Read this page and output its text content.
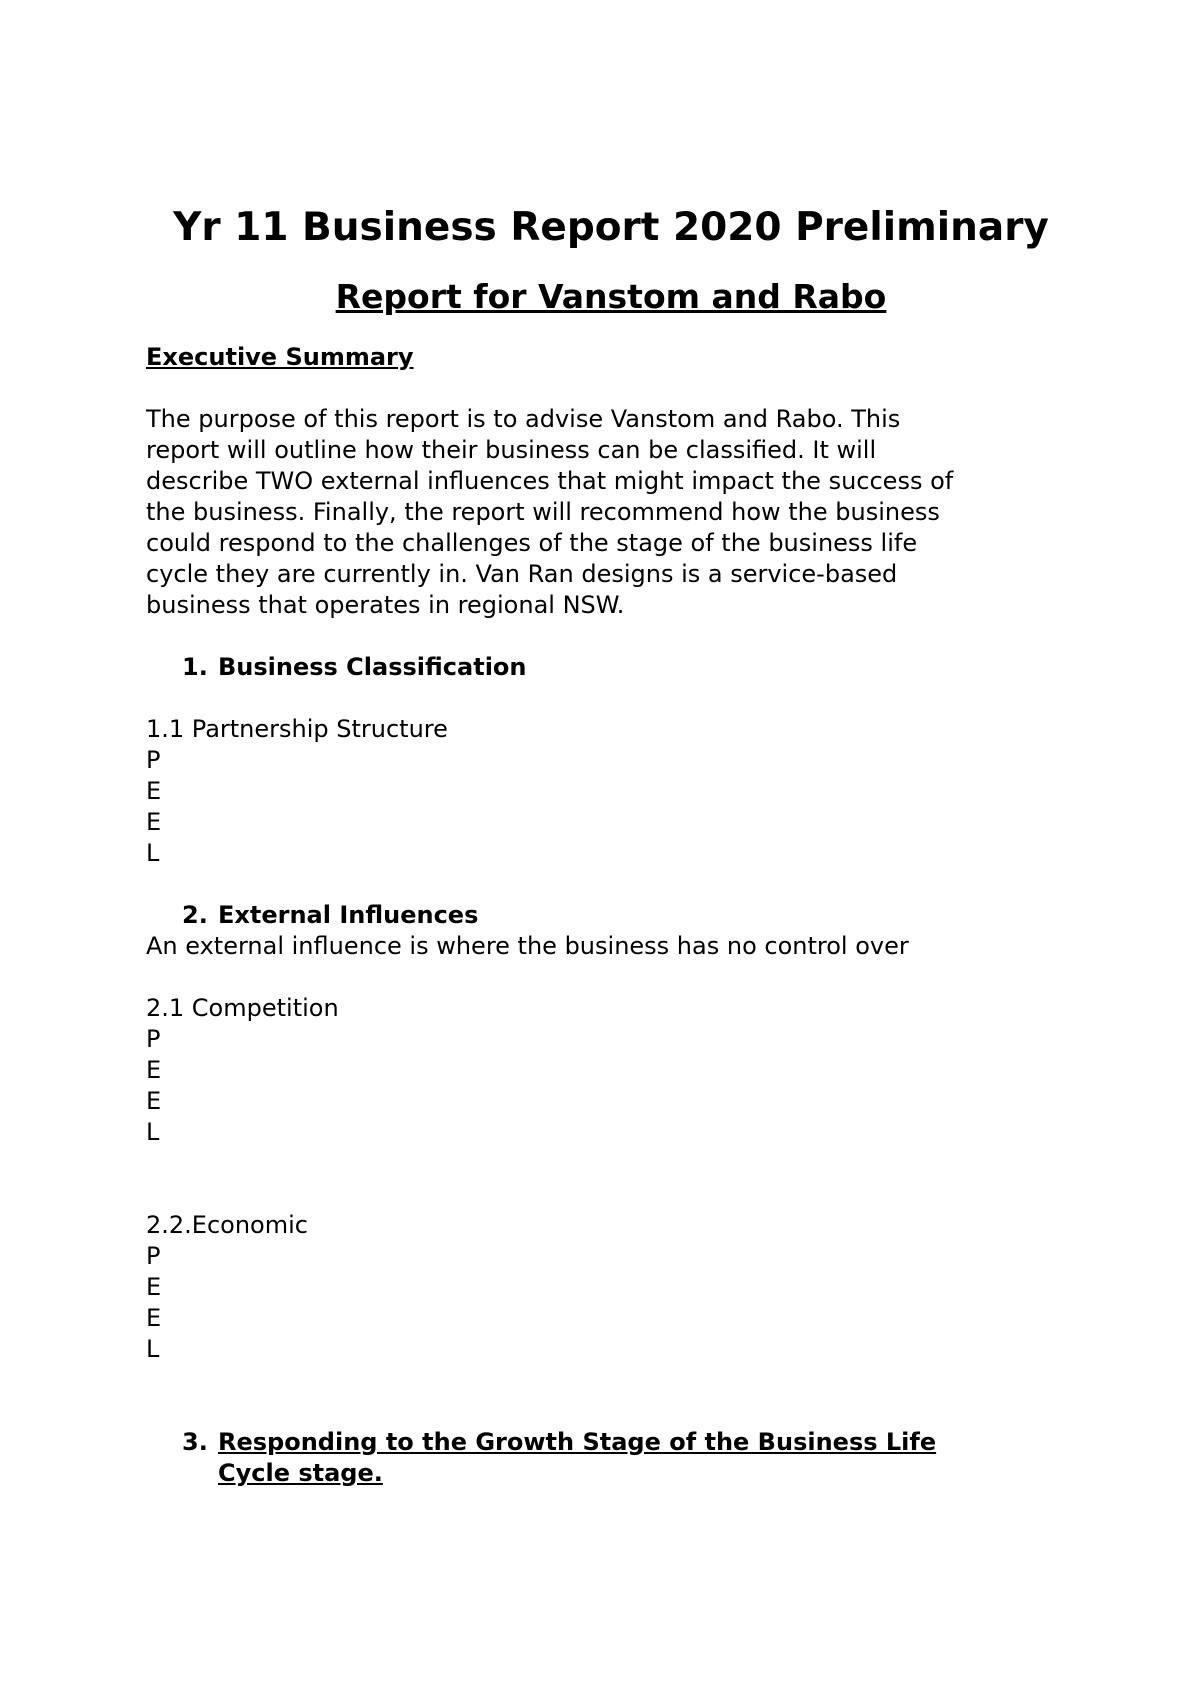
Yr 11 Business Report 2020 Preliminary
Report for Vanstom and Rabo

Executive Summary

The purpose of this report is to advise Vanstom and Rabo. This

report will outline how their business can be classified. It will

describe TWO external influences that might impact the success of

the business. Finally, the report will recommend how the business

could respond to the challenges of the stage of the business life

cycle they are currently in. Van Ran designs is a service-based

business that operates in regional NSW.

1. Business Classification

1.1 Partnership Structure

P

E

E

L

2. External Influences

An external influence is where the business has no control over

2.1 Competition

P

E

E

L

2.2.Economic

P

E

E

L

3. Responding to the Growth Stage of the Business Life
Cycle stage.
